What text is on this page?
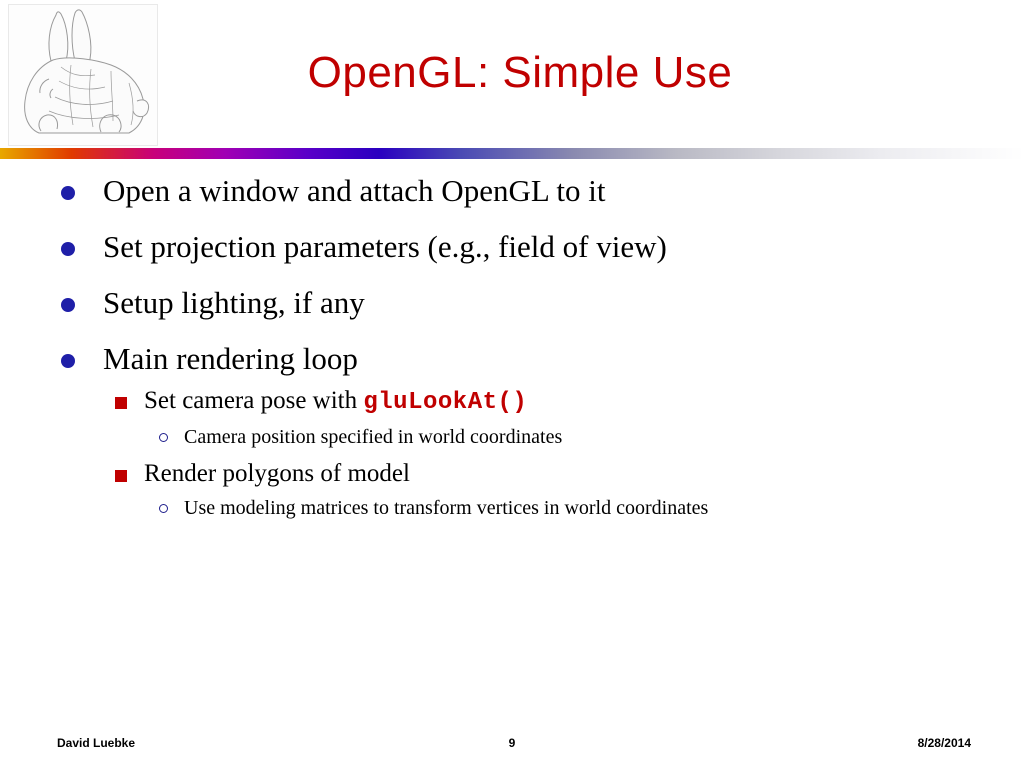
OpenGL: Simple Use
Open a window and attach OpenGL to it
Set projection parameters (e.g., field of view)
Setup lighting, if any
Main rendering loop
Set camera pose with gluLookAt()
Camera position specified in world coordinates
Render polygons of model
Use modeling matrices to transform vertices in world coordinates
David Luebke	9	8/28/2014
